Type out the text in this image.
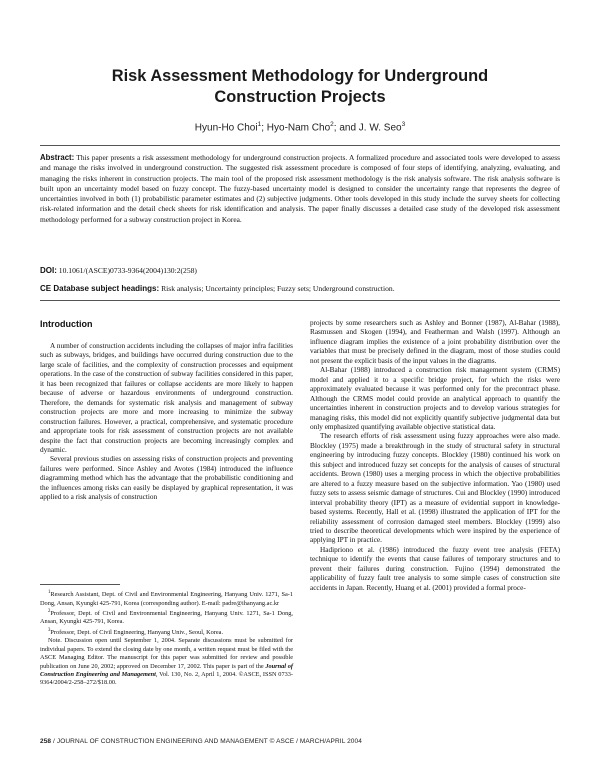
Risk Assessment Methodology for Underground
Construction Projects
Hyun-Ho Choi$^1$; Hyo-Nam Cho$^2$; and J. W. Seo$^3$
Abstract: This paper presents a risk assessment methodology for underground construction projects. A formalized procedure and associated tools were developed to assess and manage the risks involved in underground construction. The suggested risk assessment procedure is composed of four steps of identifying, analyzing, evaluating, and managing the risks inherent in construction projects. The main tool of the proposed risk assessment methodology is the risk analysis software. The risk analysis software is built upon an uncertainty model based on fuzzy concept. The fuzzy-based uncertainty model is designed to consider the uncertainty range that represents the degree of uncertainties involved in both (1) probabilistic parameter estimates and (2) subjective judgments. Other tools developed in this study include the survey sheets for collecting risk-related information and the detail check sheets for risk identification and analysis. The paper finally discusses a detailed case study of the developed risk assessment methodology performed for a subway construction project in Korea.
DOI: 10.1061/(ASCE)0733-9364(2004)130:2(258)
CE Database subject headings: Risk analysis; Uncertainty principles; Fuzzy sets; Underground construction.
Introduction

A number of construction accidents including the collapses of major infra facilities such as subways, bridges, and buildings have occurred during construction due to the large scale of facilities, and the complexity of construction processes and equipment operations. In the case of the construction of subway facilities considered in this paper, it has been recognized that failures or collapse accidents are more likely to happen because of adverse or hazardous environments of underground construction. Therefore, the demands for systematic risk analysis and management of subway construction projects are more and more increasing to minimize the subway construction failures. However, a practical, comprehensive, and systematic procedure and appropriate tools for risk assessment of construction projects are not available despite the fact that construction projects are becoming increasingly complex and dynamic.

Several previous studies on assessing risks of construction projects and preventing failures were performed. Since Ashley and Avotes (1984) introduced the influence diagramming method which has the advantage that the probabilistic conditioning and the influences among risks can easily be displayed by graphical representation, it was applied to a risk analysis of construction

$^1$Research Assistant, Dept. of Civil and Environmental Engineering, Hanyang Univ. 1271, Sa-1 Dong, Ansan, Kyungki 425-791, Korea (corresponding author). E-mail: padre@ihanyang.ac.kr

$^2$Professor, Dept. of Civil and Environmental Engineering, Hanyang Univ. 1271, Sa-1 Dong, Ansan, Kyungki 425-791, Korea.

$^3$Professor, Dept. of Civil Engineering, Hanyang Univ., Seoul, Korea.

Note. Discussion open until September 1, 2004. Separate discussions must be submitted for individual papers. To extend the closing date by one month, a written request must be filed with the ASCE Managing Editor. The manuscript for this paper was submitted for review and possible publication on June 20, 2002; approved on December 17, 2002. This paper is part of the Journal of Construction Engineering and Management, Vol. 130, No. 2, April 1, 2004. ©ASCE, ISSN 0733-9364/2004/2-258–272/$18.00.

projects by some researchers such as Ashley and Bonner (1987), Al-Bahar (1988), Rasmussen and Skogen (1994), and Featherman and Walsh (1997). Although an influence diagram implies the existence of a joint probability distribution over the variables that must be precisely defined in the diagram, most of those studies could not present the explicit basis of the input values in the diagrams.

Al-Bahar (1988) introduced a construction risk management system (CRMS) model and applied it to a specific bridge project, for which the risks were approximately evaluated because it was performed only for the precontract phase. Although the CRMS model could provide an analytical approach to quantify the uncertainties inherent in construction projects and to develop various strategies for managing risks, this model did not explicitly quantify subjective judgmental data but only emphasized quantifying available objective statistical data.

The research efforts of risk assessment using fuzzy approaches were also made. Blockley (1975) made a breakthrough in the study of structural safety in structural engineering by introducing fuzzy concepts. Blockley (1980) continued his work on this subject and introduced fuzzy set concepts for the analysis of causes of structural accidents. Brown (1980) uses a merging process in which the objective probabilities are altered to a fuzzy measure based on the subjective information. Yao (1980) used fuzzy sets to assess seismic damage of structures. Cui and Blockley (1990) introduced interval probability theory (IPT) as a measure of evidential support in knowledge-based systems. Recently, Hall et al. (1998) illustrated the application of IPT for the reliability assessment of corrosion damaged steel members. Blockley (1999) also tried to describe theoretical developments which were inspired by the experience of applying IPT in practice.

Hadipriono et al. (1986) introduced the fuzzy event tree analysis (FETA) technique to identify the events that cause failures of temporary structures and to prevent their failures during construction. Fujino (1994) demonstrated the applicability of fuzzy fault tree analysis to some simple cases of construction site accidents in Japan. Recently, Huang et al. (2001) provided a formal proce-

258 / JOURNAL OF CONSTRUCTION ENGINEERING AND MANAGEMENT © ASCE / MARCH/APRIL 2004
